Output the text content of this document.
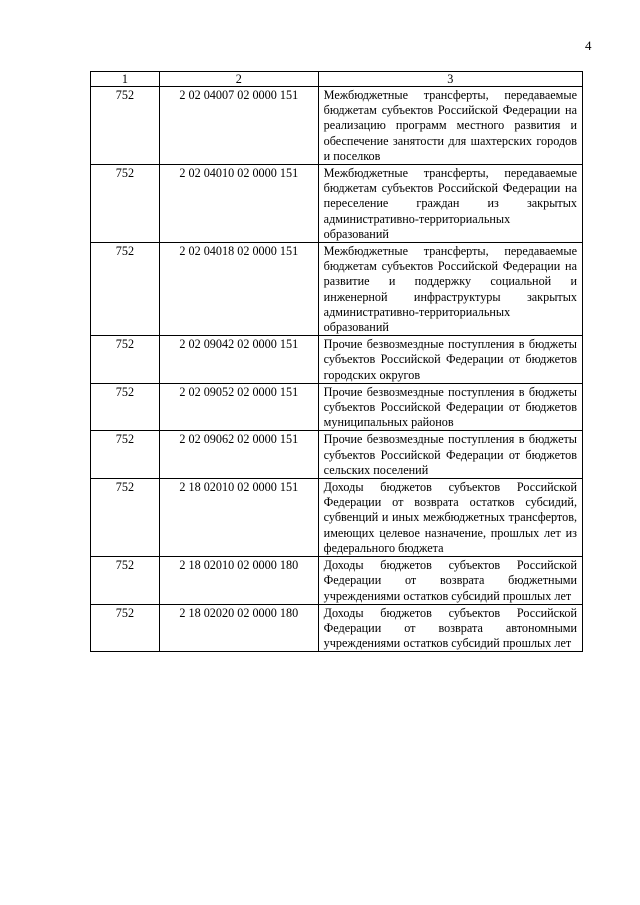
4
1	2	3
752	2 02 04007 02 0000 151	Межбюджетные трансферты, передаваемые бюджетам субъектов Российской Федерации на реализацию программ местного развития и обеспечение занятости для шахтерских городов и поселков
752	2 02 04010 02 0000 151	Межбюджетные трансферты, передаваемые бюджетам субъектов Российской Федерации на переселение граждан из закрытых административно-территориальных образований
752	2 02 04018 02 0000 151	Межбюджетные трансферты, передаваемые бюджетам субъектов Российской Федерации на развитие и поддержку социальной и инженерной инфраструктуры закрытых административно-территориальных образований
752	2 02 09042 02 0000 151	Прочие безвозмездные поступления в бюджеты субъектов Российской Федерации от бюджетов городских округов
752	2 02 09052 02 0000 151	Прочие безвозмездные поступления в бюджеты субъектов Российской Федерации от бюджетов муниципальных районов
752	2 02 09062 02 0000 151	Прочие безвозмездные поступления в бюджеты субъектов Российской Федерации от бюджетов сельских поселений
752	2 18 02010 02 0000 151	Доходы бюджетов субъектов Российской Федерации от возврата остатков субсидий, субвенций и иных межбюджетных трансфертов, имеющих целевое назначение, прошлых лет из федерального бюджета
752	2 18 02010 02 0000 180	Доходы бюджетов субъектов Российской Федерации от возврата бюджетными учреждениями остатков субсидий прошлых лет
752	2 18 02020 02 0000 180	Доходы бюджетов субъектов Российской Федерации от возврата автономными учреждениями остатков субсидий прошлых лет
